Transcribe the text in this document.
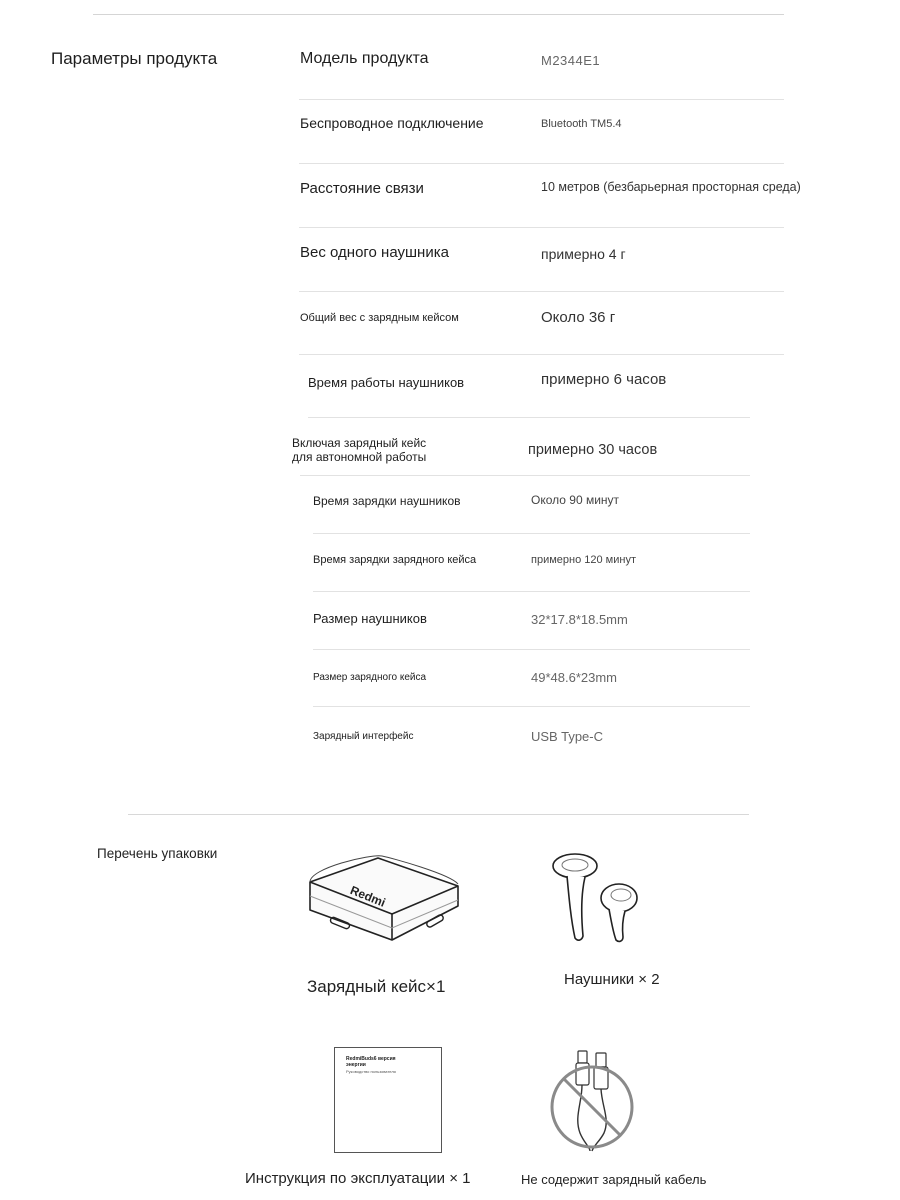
Параметры продукта	Модель продукта	M2344E1
Беспроводное подключение	Bluetooth TM5.4
Расстояние связи	10 метров (безбарьерная просторная среда)
Вес одного наушника	примерно 4 г
Общий вес с зарядным кейсом	Около 36 г
Время работы наушников	примерно 6 часов
Включая зарядный кейс
для автономной работы	примерно 30 часов
Время зарядки наушников	Около 90 минут
Время зарядки зарядного кейса	примерно 120 минут
Размер наушников	32*17.8*18.5mm
Размер зарядного кейса	49*48.6*23mm
Зарядный интерфейс	USB Type-C
Перечень упаковки
Redmi
Зарядный кейс×1	Наушники × 2
RedmiBuds6 версия
энергии
Руководство пользователя
Инструкция по эксплуатации × 1	Не содержит зарядный кабель
